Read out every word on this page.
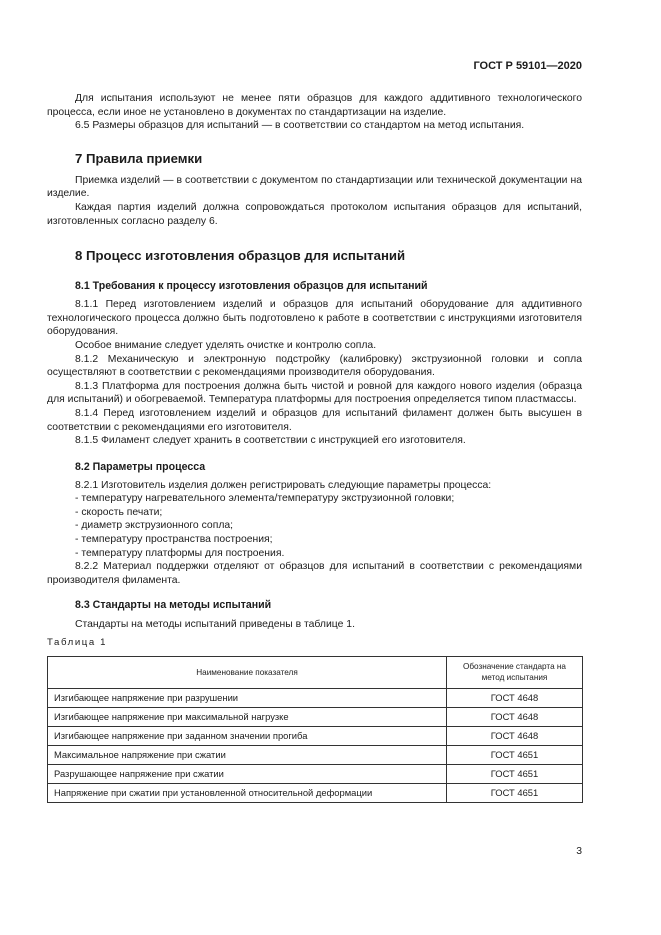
ГОСТ Р 59101—2020

Для испытания используют не менее пяти образцов для каждого аддитивного технологического процесса, если иное не установлено в документах по стандартизации на изделие.

6.5 Размеры образцов для испытаний — в соответствии со стандартом на метод испытания.

7 Правила приемки

Приемка изделий — в соответствии с документом по стандартизации или технической документации на изделие.

Каждая партия изделий должна сопровождаться протоколом испытания образцов для испытаний, изготовленных согласно разделу 6.

8 Процесс изготовления образцов для испытаний
8.1 Требования к процессу изготовления образцов для испытаний

8.1.1 Перед изготовлением изделий и образцов для испытаний оборудование для аддитивного технологического процесса должно быть подготовлено к работе в соответствии с инструкциями изготовителя оборудования.

Особое внимание следует уделять очистке и контролю сопла.

8.1.2 Механическую и электронную подстройку (калибровку) экструзионной головки и сопла осуществляют в соответствии с рекомендациями производителя оборудования.

8.1.3 Платформа для построения должна быть чистой и ровной для каждого нового изделия (образца для испытаний) и обогреваемой. Температура платформы для построения определяется типом пластмассы.

8.1.4 Перед изготовлением изделий и образцов для испытаний филамент должен быть высушен в соответствии с рекомендациями его изготовителя.

8.1.5 Филамент следует хранить в соответствии с инструкцией его изготовителя.

8.2 Параметры процесса

8.2.1 Изготовитель изделия должен регистрировать следующие параметры процесса:

- температуру нагревательного элемента/температуру экструзионной головки;

- скорость печати;

- диаметр экструзионного сопла;

- температуру пространства построения;

- температуру платформы для построения.

8.2.2 Материал поддержки отделяют от образцов для испытаний в соответствии с рекомендациями производителя филамента.

8.3 Стандарты на методы испытаний

Стандарты на методы испытаний приведены в таблице 1.

Таблица 1
Наименование показателя	Обозначение стандарта на метод испытания
Изгибающее напряжение при разрушении	ГОСТ 4648
Изгибающее напряжение при максимальной нагрузке	ГОСТ 4648
Изгибающее напряжение при заданном значении прогиба	ГОСТ 4648
Максимальное напряжение при сжатии	ГОСТ 4651
Разрушающее напряжение при сжатии	ГОСТ 4651
Напряжение при сжатии при установленной относительной деформации	ГОСТ 4651
3
